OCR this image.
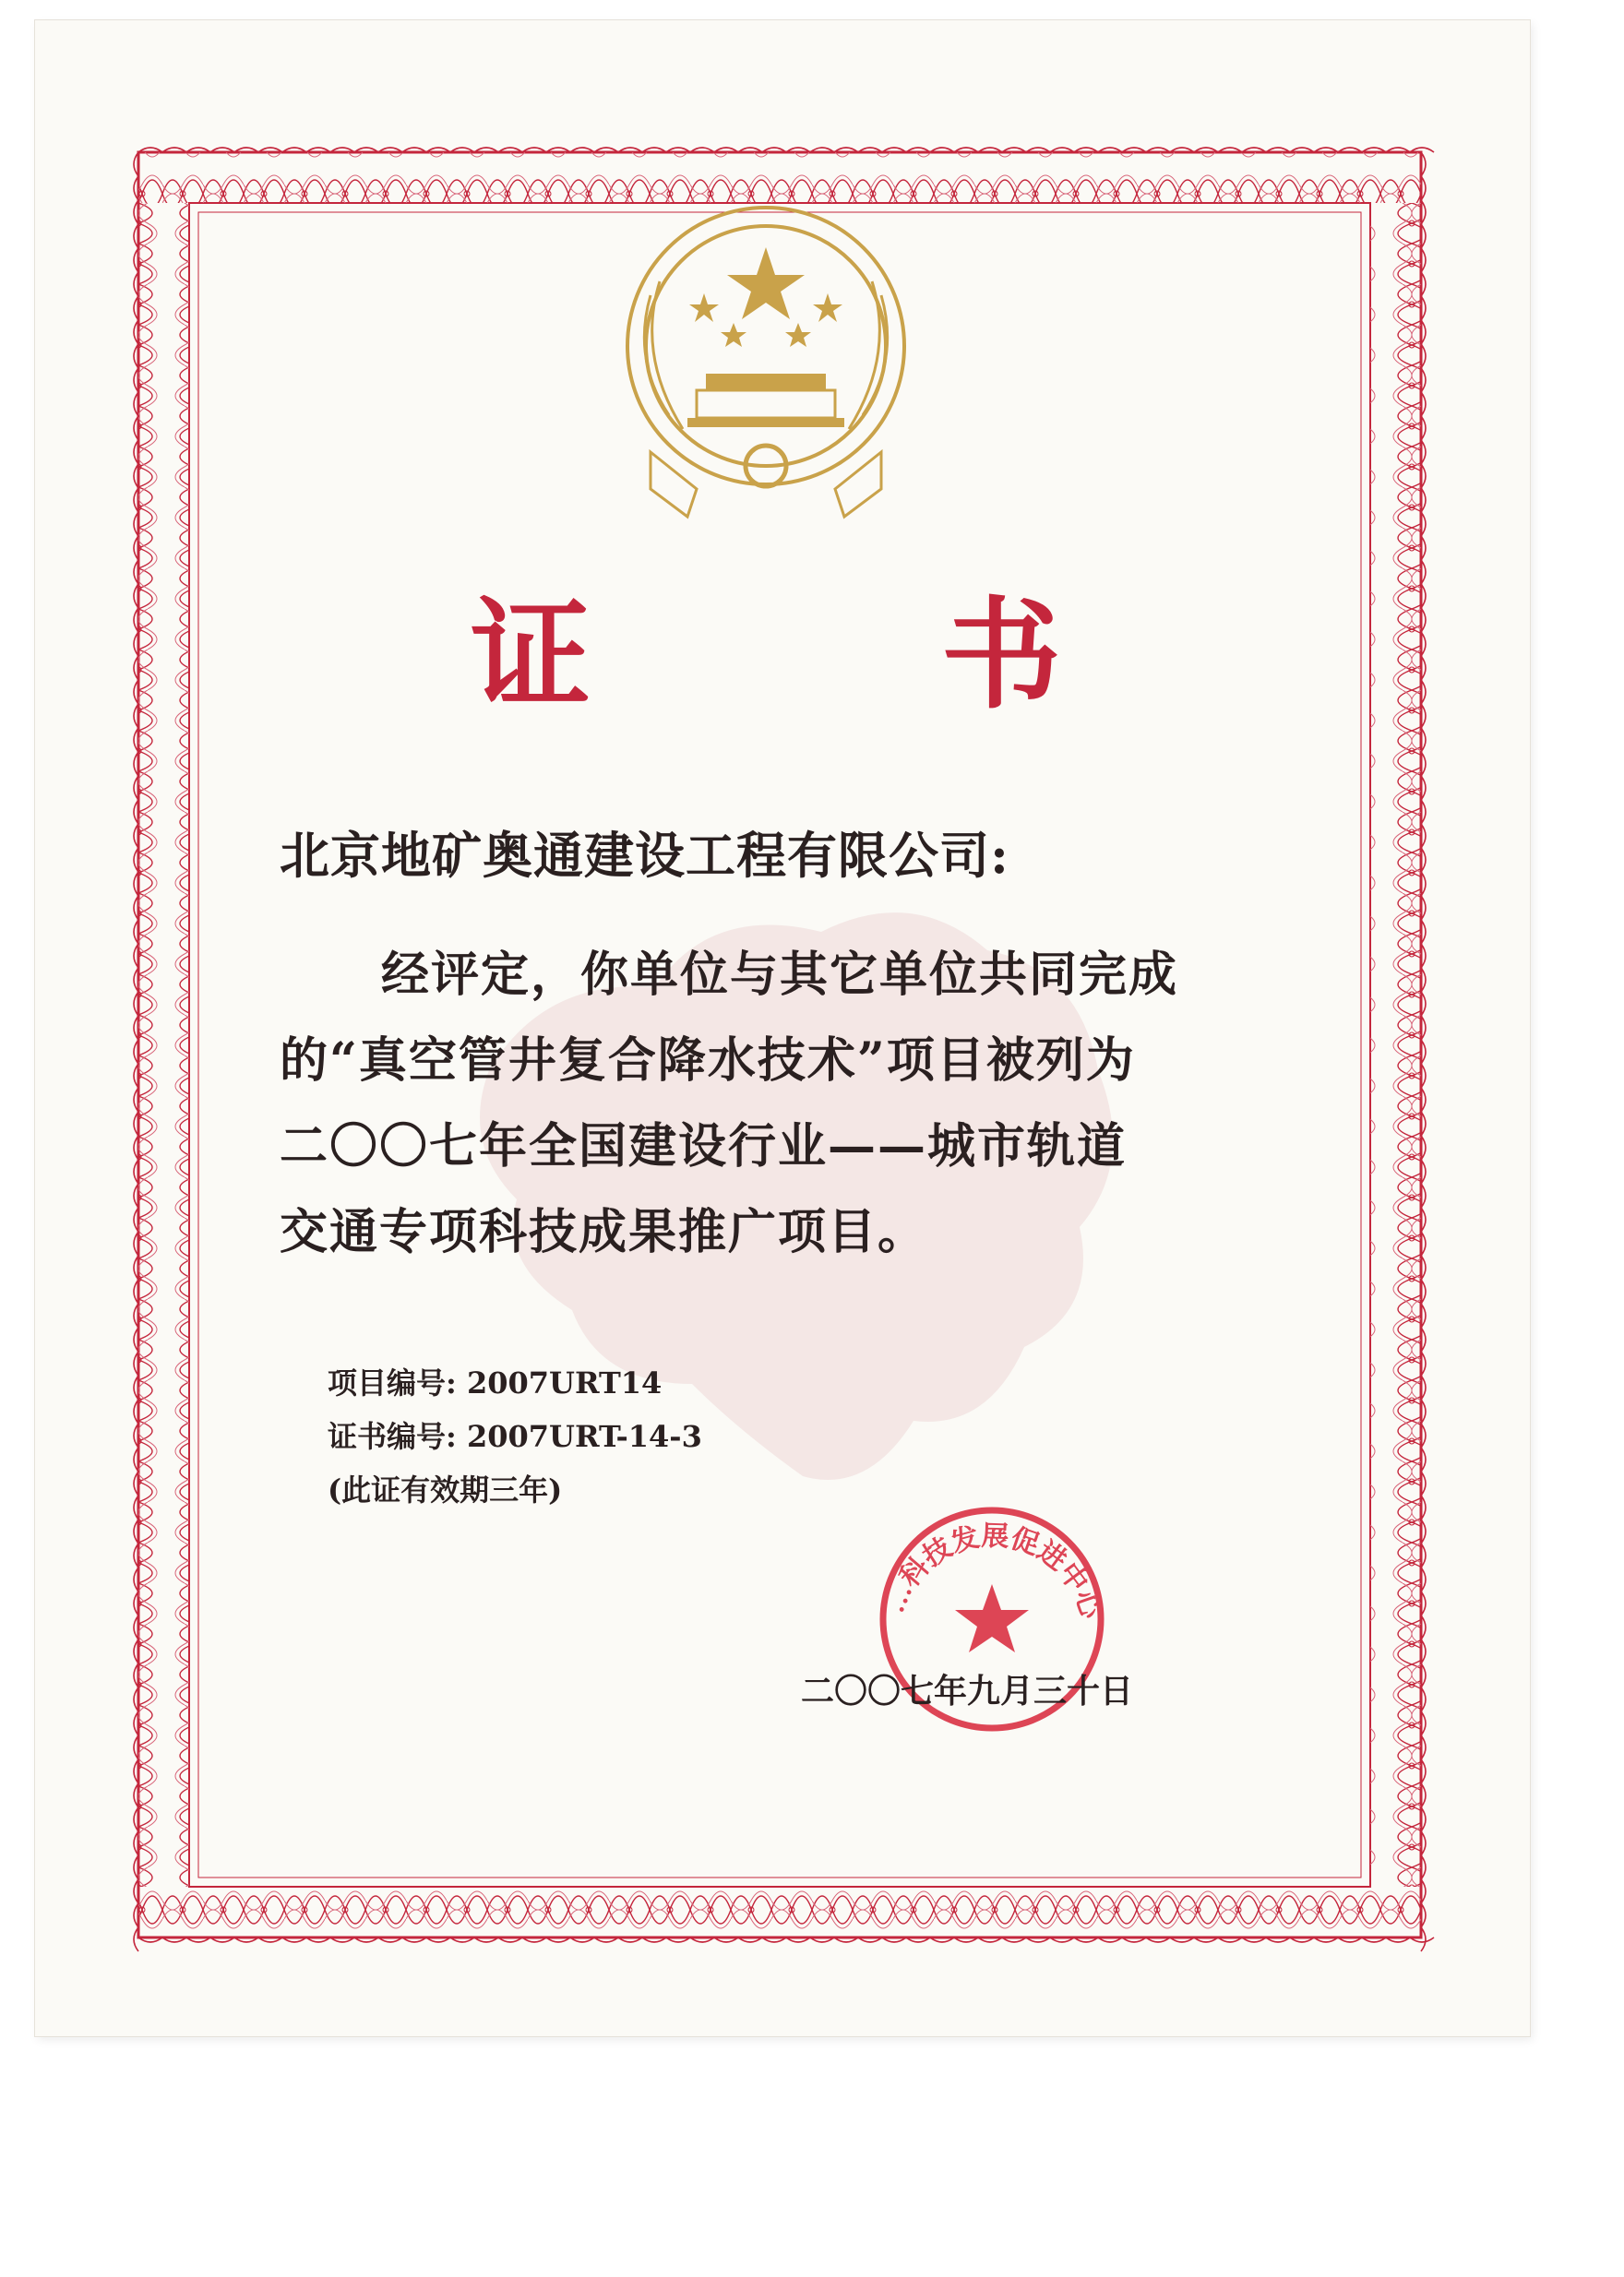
证	书
北京地矿奥通建设工程有限公司:

经评定，你单位与其它单位共同完成

的“真空管井复合降水技术”项目被列为

二〇〇七年全国建设行业——城市轨道

交通专项科技成果推广项目。

项目编号: 2007URT14
证书编号: 2007URT-14-3
(此证有效期三年)
…科技发展促进中心
二〇〇七年九月三十日
